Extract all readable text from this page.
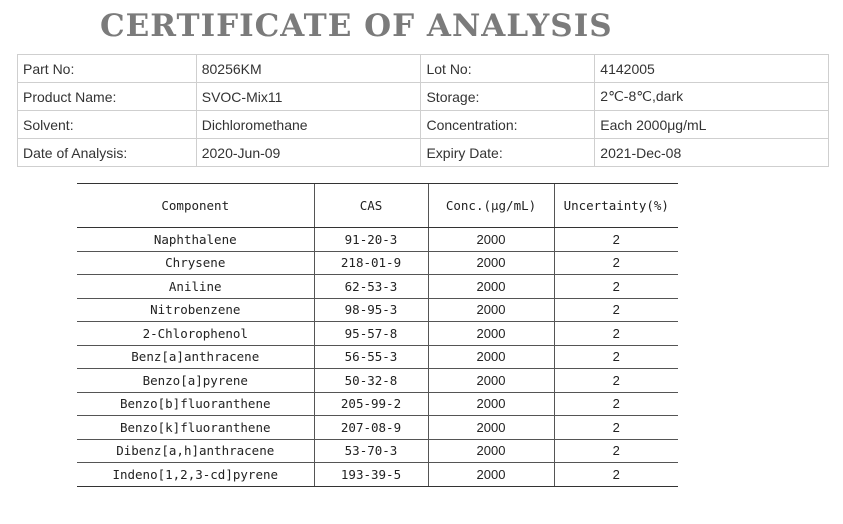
CERTIFICATE OF ANALYSIS
Part No:	80256KM	Lot No:	4142005
Product Name:	SVOC-Mix11	Storage:	2℃-8℃,dark
Solvent:	Dichloromethane	Concentration:	Each 2000μg/mL
Date of Analysis:	2020-Jun-09	Expiry Date:	2021-Dec-08
Component	CAS	Conc.(μg/mL)	Uncertainty(%)
Naphthalene	91-20-3	2000	2
Chrysene	218-01-9	2000	2
Aniline	62-53-3	2000	2
Nitrobenzene	98-95-3	2000	2
2-Chlorophenol	95-57-8	2000	2
Benz[a]anthracene	56-55-3	2000	2
Benzo[a]pyrene	50-32-8	2000	2
Benzo[b]fluoranthene	205-99-2	2000	2
Benzo[k]fluoranthene	207-08-9	2000	2
Dibenz[a,h]anthracene	53-70-3	2000	2
Indeno[1,2,3-cd]pyrene	193-39-5	2000	2
